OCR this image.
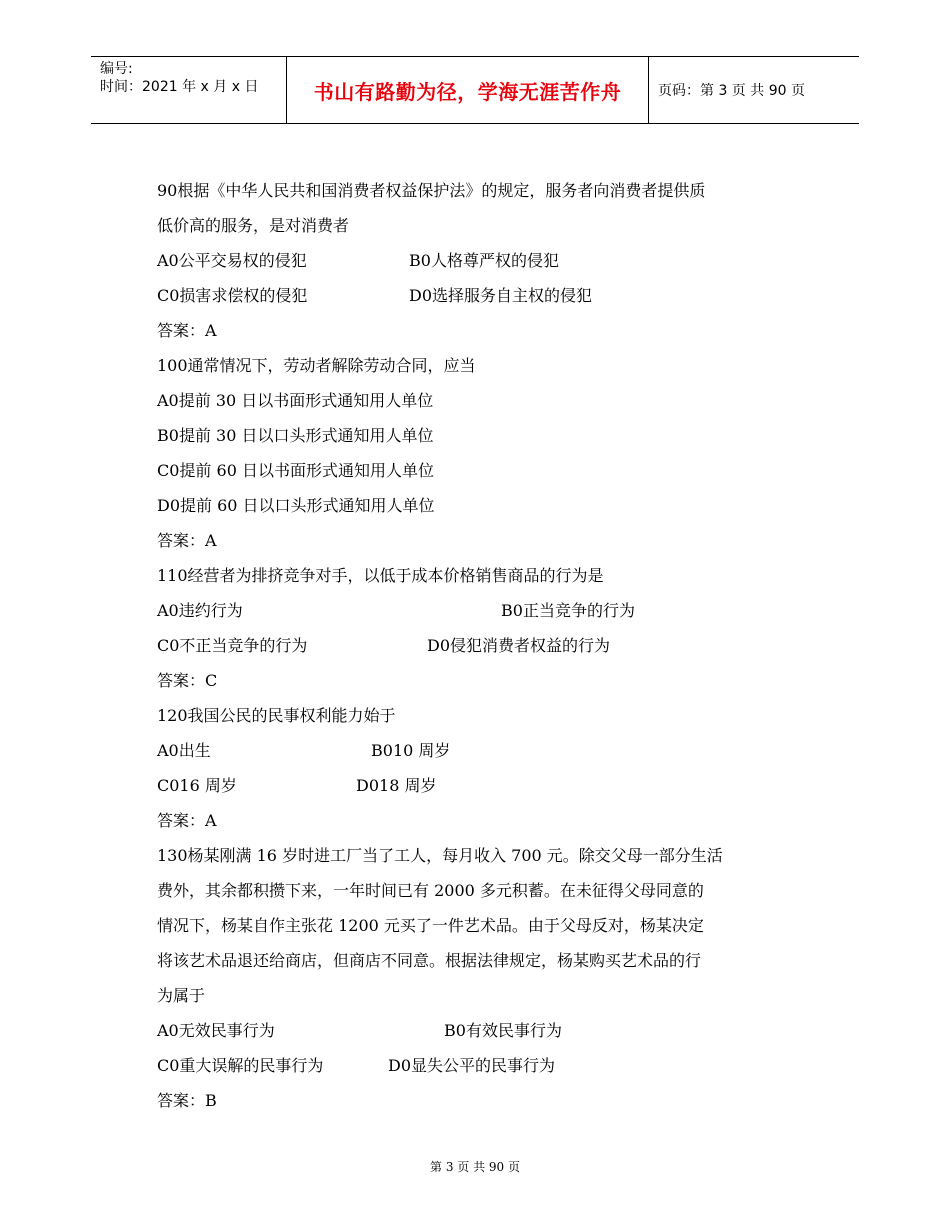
编号:
时间：2021 年 x 月 x 日	书山有路勤为径，学海无涯苦作舟	页码：第 3 页 共 90 页
90根据《中华人民共和国消费者权益保护法》的规定，服务者向消费者提供质
低价高的服务，是对消费者
A0公平交易权的侵犯	B0人格尊严权的侵犯
C0损害求偿权的侵犯	D0选择服务自主权的侵犯
答案：A
100通常情况下，劳动者解除劳动合同，应当
A0提前 30 日以书面形式通知用人单位
B0提前 30 日以口头形式通知用人单位
C0提前 60 日以书面形式通知用人单位
D0提前 60 日以口头形式通知用人单位
答案：A
110经营者为排挤竞争对手，以低于成本价格销售商品的行为是
A0违约行为	B0正当竞争的行为
C0不正当竞争的行为	D0侵犯消费者权益的行为
答案：C
120我国公民的民事权利能力始于
A0出生	B010 周岁
C016 周岁	D018 周岁
答案：A
130杨某刚满 16 岁时进工厂当了工人，每月收入 700 元。除交父母一部分生活
费外，其余都积攒下来，一年时间已有 2000 多元积蓄。在未征得父母同意的
情况下，杨某自作主张花 1200 元买了一件艺术品。由于父母反对，杨某决定
将该艺术品退还给商店，但商店不同意。根据法律规定，杨某购买艺术品的行
为属于
A0无效民事行为	B0有效民事行为
C0重大误解的民事行为	D0显失公平的民事行为
答案：B
第 3 页 共 90 页
